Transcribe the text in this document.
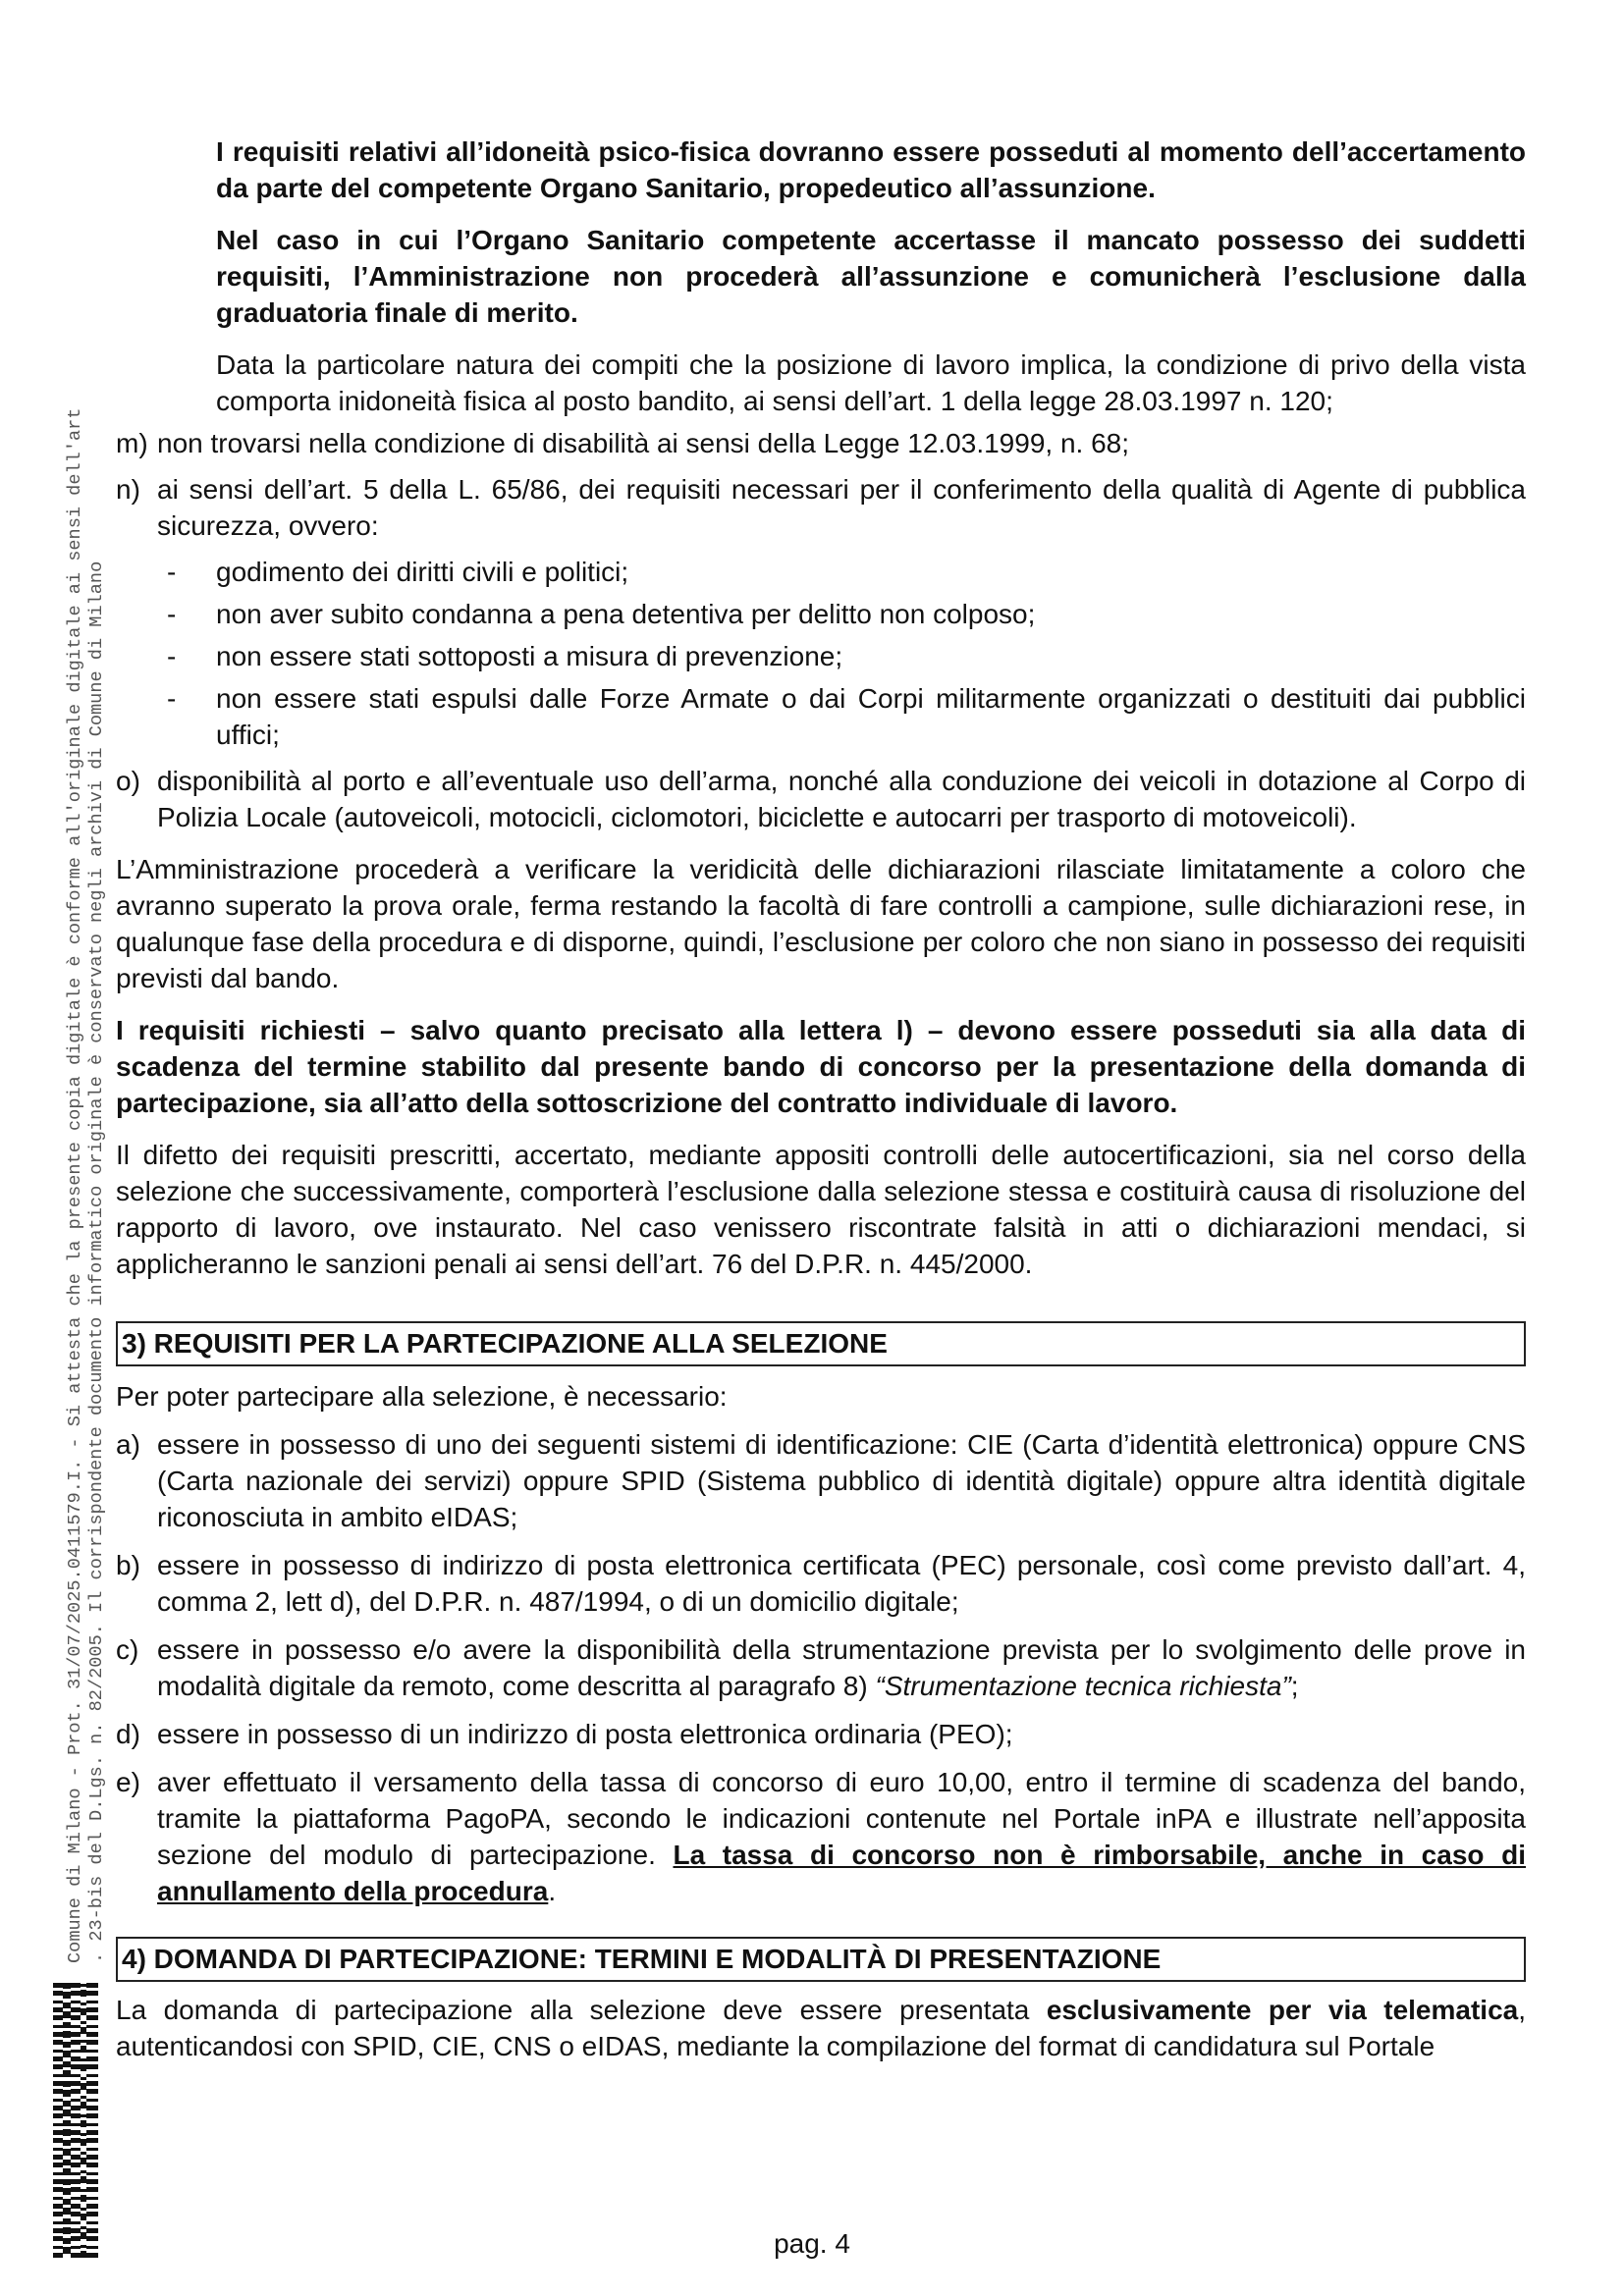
Comune di Milano - Prot. 31/07/2025.0411579.I. - Si attesta che la presente copia digitale è conforme all'originale digitale ai sensi dell'art . 23-bis del D.Lgs. n. 82/2005. Il corrispondente documento informatico originale è conservato negli archivi di Comune di Milano

I requisiti relativi all’idoneità psico-fisica dovranno essere posseduti al momento dell’accertamento da parte del competente Organo Sanitario, propedeutico all’assunzione.

Nel caso in cui l’Organo Sanitario competente accertasse il mancato possesso dei suddetti requisiti, l’Amministrazione non procederà all’assunzione e comunicherà l’esclusione dalla graduatoria finale di merito.

Data la particolare natura dei compiti che la posizione di lavoro implica, la condizione di privo della vista comporta inidoneità fisica al posto bandito, ai sensi dell’art. 1 della legge 28.03.1997 n. 120;

m) non trovarsi nella condizione di disabilità ai sensi della Legge 12.03.1999, n. 68;

n) ai sensi dell’art. 5 della L. 65/86, dei requisiti necessari per il conferimento della qualità di Agente di pubblica sicurezza, ovvero:

- godimento dei diritti civili e politici;

- non aver subito condanna a pena detentiva per delitto non colposo;

- non essere stati sottoposti a misura di prevenzione;

- non essere stati espulsi dalle Forze Armate o dai Corpi militarmente organizzati o destituiti dai pubblici uffici;

o) disponibilità al porto e all’eventuale uso dell’arma, nonché alla conduzione dei veicoli in dotazione al Corpo di Polizia Locale (autoveicoli, motocicli, ciclomotori, biciclette e autocarri per trasporto di motoveicoli).

L’Amministrazione procederà a verificare la veridicità delle dichiarazioni rilasciate limitatamente a coloro che avranno superato la prova orale, ferma restando la facoltà di fare controlli a campione, sulle dichiarazioni rese, in qualunque fase della procedura e di disporne, quindi, l’esclusione per coloro che non siano in possesso dei requisiti previsti dal bando.

I requisiti richiesti – salvo quanto precisato alla lettera l) – devono essere posseduti sia alla data di scadenza del termine stabilito dal presente bando di concorso per la presentazione della domanda di partecipazione, sia all’atto della sottoscrizione del contratto individuale di lavoro.

Il difetto dei requisiti prescritti, accertato, mediante appositi controlli delle autocertificazioni, sia nel corso della selezione che successivamente, comporterà l’esclusione dalla selezione stessa e costituirà causa di risoluzione del rapporto di lavoro, ove instaurato. Nel caso venissero riscontrate falsità in atti o dichiarazioni mendaci, si applicheranno le sanzioni penali ai sensi dell’art. 76 del D.P.R. n. 445/2000.

3) REQUISITI PER LA PARTECIPAZIONE ALLA SELEZIONE

Per poter partecipare alla selezione, è necessario:

a) essere in possesso di uno dei seguenti sistemi di identificazione: CIE (Carta d’identità elettronica) oppure CNS (Carta nazionale dei servizi) oppure SPID (Sistema pubblico di identità digitale) oppure altra identità digitale riconosciuta in ambito eIDAS;

b) essere in possesso di indirizzo di posta elettronica certificata (PEC) personale, così come previsto dall’art. 4, comma 2, lett d), del D.P.R. n. 487/1994, o di un domicilio digitale;

c) essere in possesso e/o avere la disponibilità della strumentazione prevista per lo svolgimento delle prove in modalità digitale da remoto, come descritta al paragrafo 8) “Strumentazione tecnica richiesta”;

d) essere in possesso di un indirizzo di posta elettronica ordinaria (PEO);

e) aver effettuato il versamento della tassa di concorso di euro 10,00, entro il termine di scadenza del bando, tramite la piattaforma PagoPA, secondo le indicazioni contenute nel Portale inPA e illustrate nell’apposita sezione del modulo di partecipazione. La tassa di concorso non è rimborsabile, anche in caso di annullamento della procedura.

4) DOMANDA DI PARTECIPAZIONE: TERMINI E MODALITÀ DI PRESENTAZIONE

La domanda di partecipazione alla selezione deve essere presentata esclusivamente per via telematica, autenticandosi con SPID, CIE, CNS o eIDAS, mediante la compilazione del format di candidatura sul Portale

pag. 4
